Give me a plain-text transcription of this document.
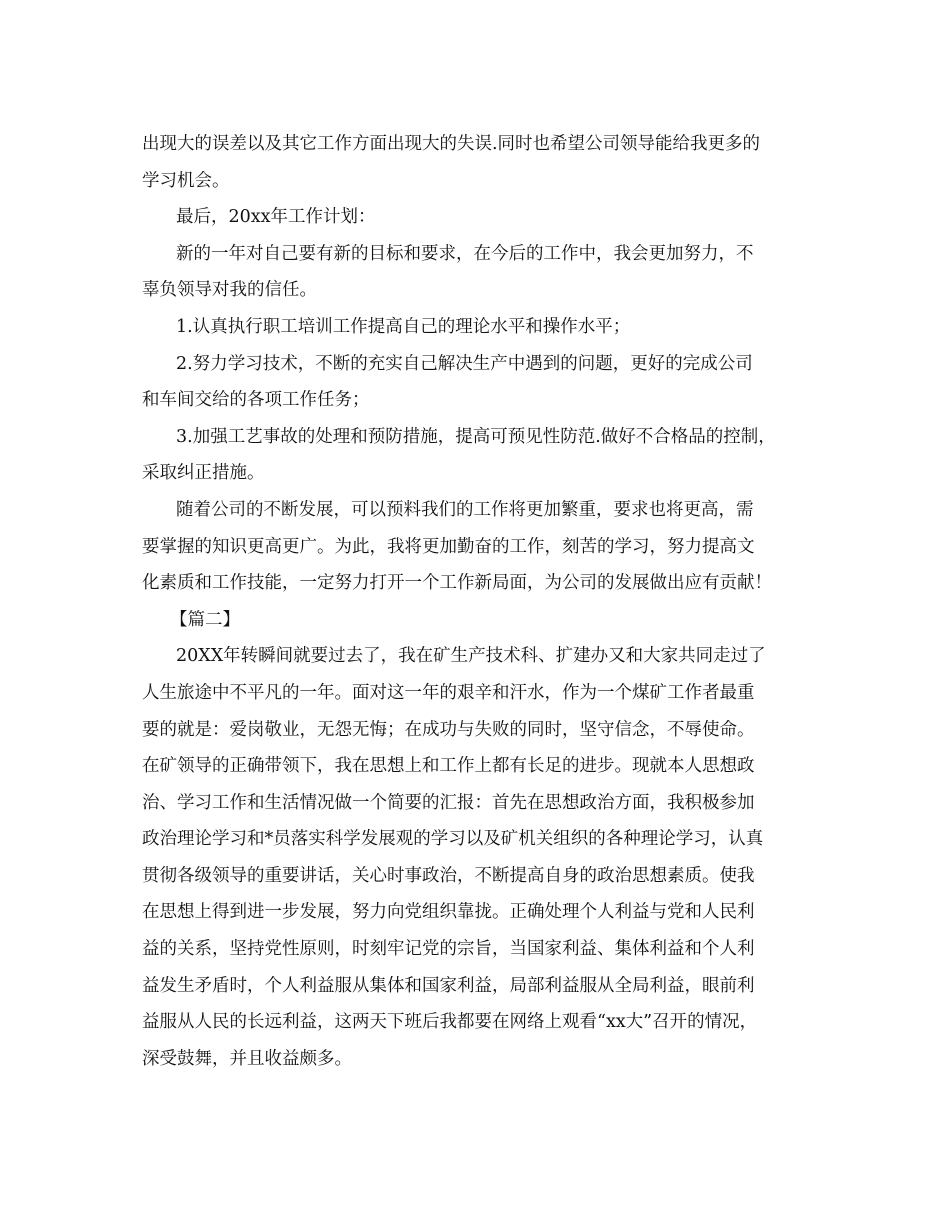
出现大的误差以及其它工作方面出现大的失误.同时也希望公司领导能给我更多的
学习机会。
最后，20xx年工作计划：
新的一年对自己要有新的目标和要求，在今后的工作中，我会更加努力，不
辜负领导对我的信任。
1.认真执行职工培训工作提高自己的理论水平和操作水平；
2.努力学习技术，不断的充实自己解决生产中遇到的问题，更好的完成公司
和车间交给的各项工作任务；
3.加强工艺事故的处理和预防措施，提高可预见性防范.做好不合格品的控制，
采取纠正措施。
随着公司的不断发展，可以预料我们的工作将更加繁重，要求也将更高，需
要掌握的知识更高更广。为此，我将更加勤奋的工作，刻苦的学习，努力提高文
化素质和工作技能，一定努力打开一个工作新局面，为公司的发展做出应有贡献！
【篇二】
20XX年转瞬间就要过去了，我在矿生产技术科、扩建办又和大家共同走过了
人生旅途中不平凡的一年。面对这一年的艰辛和汗水，作为一个煤矿工作者最重
要的就是：爱岗敬业，无怨无悔；在成功与失败的同时，坚守信念，不辱使命。
在矿领导的正确带领下，我在思想上和工作上都有长足的进步。现就本人思想政
治、学习工作和生活情况做一个简要的汇报：首先在思想政治方面，我积极参加
政治理论学习和*员落实科学发展观的学习以及矿机关组织的各种理论学习，认真
贯彻各级领导的重要讲话，关心时事政治，不断提高自身的政治思想素质。使我
在思想上得到进一步发展，努力向党组织靠拢。正确处理个人利益与党和人民利
益的关系，坚持党性原则，时刻牢记党的宗旨，当国家利益、集体利益和个人利
益发生矛盾时，个人利益服从集体和国家利益，局部利益服从全局利益，眼前利
益服从人民的长远利益，这两天下班后我都要在网络上观看“xx大”召开的情况，
深受鼓舞，并且收益颇多。
